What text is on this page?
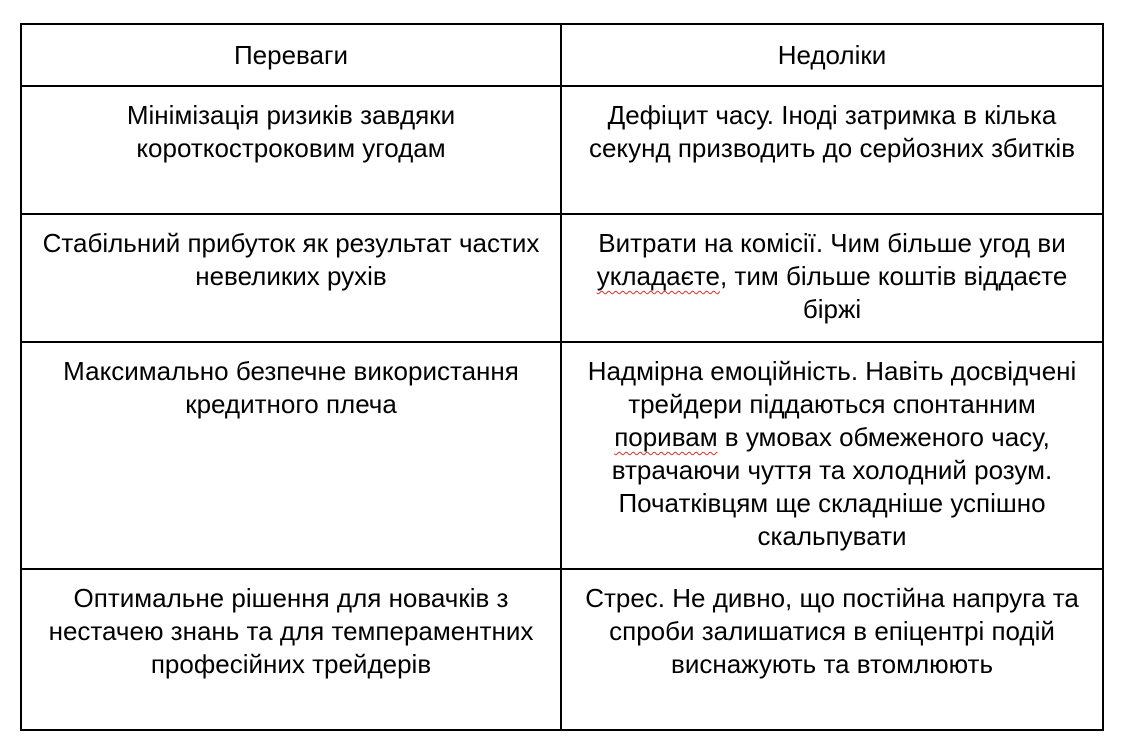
Переваги	Недоліки
Мінімізація ризиків завдяки короткостроковим угодам	Дефіцит часу. Іноді затримка в кілька секунд призводить до серйозних збитків
Стабільний прибуток як результат частих невеликих рухів	Витрати на комісії. Чим більше угод ви укладаєте, тим більше коштів віддаєте біржі
Максимально безпечне використання кредитного плеча	Надмірна емоційність. Навіть досвідчені трейдери піддаються спонтанним поривам в умовах обмеженого часу, втрачаючи чуття та холодний розум. Початківцям ще складніше успішно скальпувати
Оптимальне рішення для новачків з нестачею знань та для темпераментних професійних трейдерів	Стрес. Не дивно, що постійна напруга та спроби залишатися в епіцентрі подій виснажують та втомлюють
